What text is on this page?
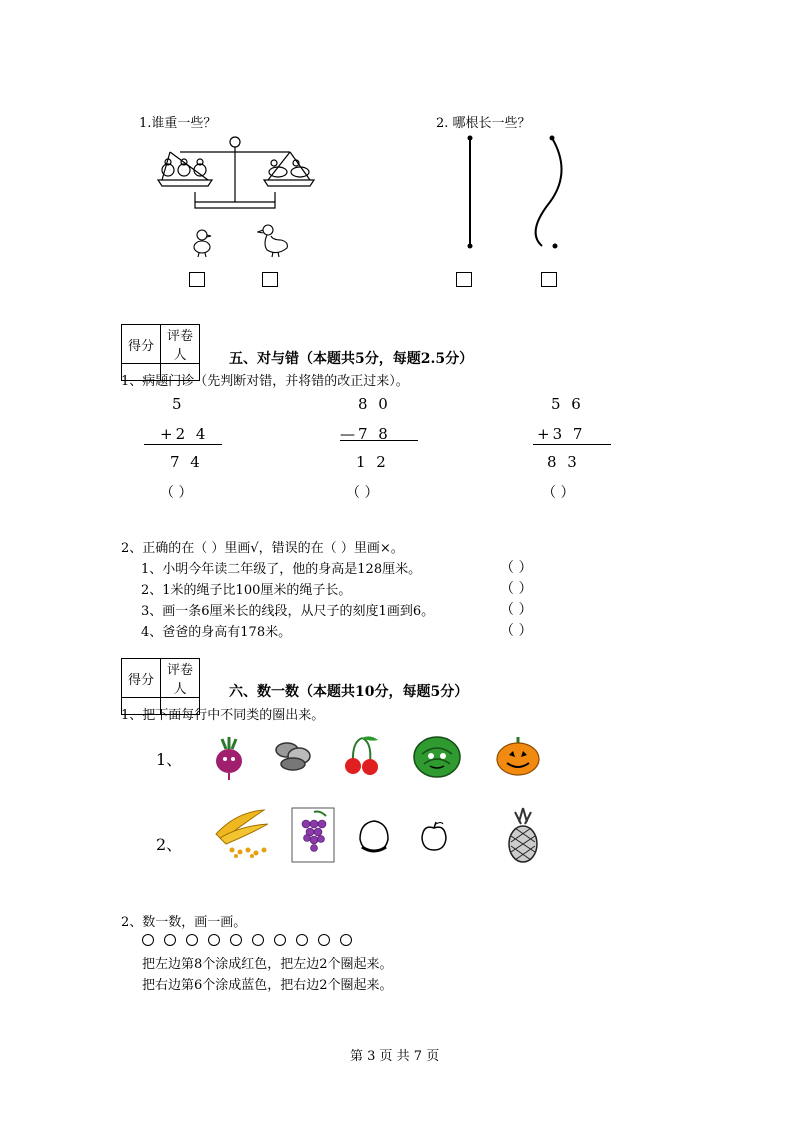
1.谁重一些？	2. 哪根长一些？
得分	评卷人
		五、对与错（本题共5分，每题2.5分）
1、病题门诊（先判断对错，并将错的改正过来）。
5
+2 4
7 4
（ ）
8 0
—7 8
1 2
（ ）
5 6
+3 7
8 3
（ ）
2、正确的在（ ）里画√，错误的在（ ）里画×。
1、小明今年读二年级了，他的身高是128厘米。	（ ）
2、1米的绳子比100厘米的绳子长。	（ ）
3、画一条6厘米长的线段，从尺子的刻度1画到6。	（ ）
4、爸爸的身高有178米。	（ ）
得分	评卷人
		六、数一数（本题共10分，每题5分）
1、把下面每行中不同类的圈出来。
1、
2、
2、数一数，画一画。
把左边第8个涂成红色，把左边2个圈起来。
把右边第6个涂成蓝色，把右边2个圈起来。
第 3 页 共 7 页
